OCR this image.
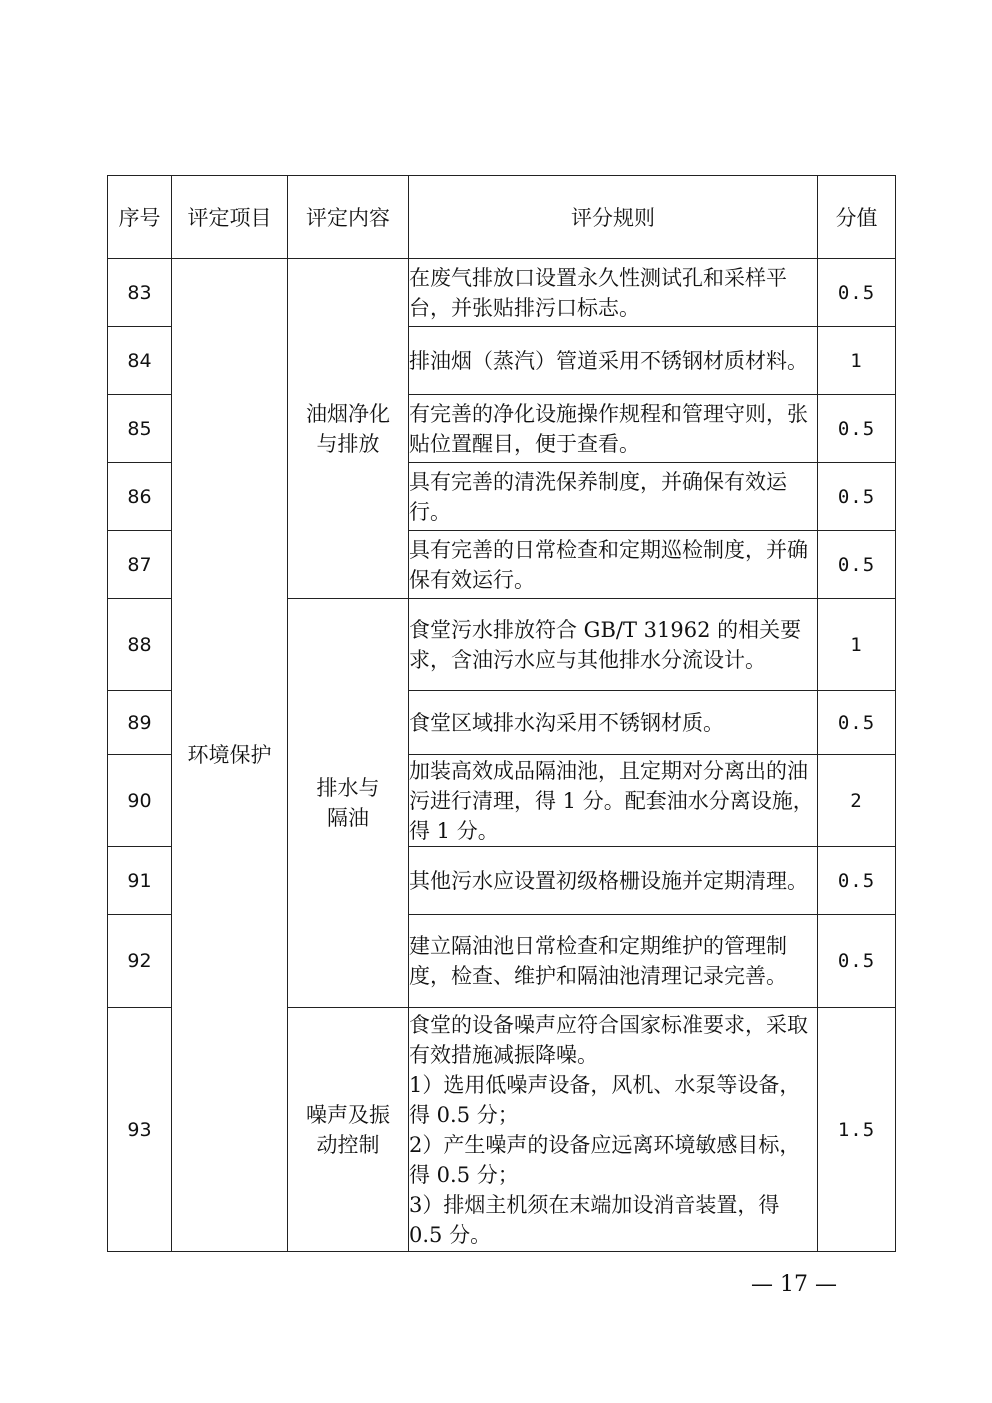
序号	评定项目	评定内容	评分规则	分值
83	环境保护	油烟净化与排放	在废气排放口设置永久性测试孔和采样平台，并张贴排污口标志。	0.5
84			排油烟（蒸汽）管道采用不锈钢材质材料。	1
85			有完善的净化设施操作规程和管理守则，张贴位置醒目，便于查看。	0.5
86			具有完善的清洗保养制度，并确保有效运行。	0.5
87			具有完善的日常检查和定期巡检制度，并确保有效运行。	0.5
88		排水与隔油	食堂污水排放符合 GB/T 31962 的相关要求，含油污水应与其他排水分流设计。	1
89			食堂区域排水沟采用不锈钢材质。	0.5
90			加装高效成品隔油池，且定期对分离出的油污进行清理，得 1 分。配套油水分离设施，得 1 分。	2
91			其他污水应设置初级格栅设施并定期清理。	0.5
92			建立隔油池日常检查和定期维护的管理制度，检查、维护和隔油池清理记录完善。	0.5
93		噪声及振动控制	食堂的设备噪声应符合国家标准要求，采取有效措施减振降噪。
1）选用低噪声设备，风机、水泵等设备，得 0.5 分；
2）产生噪声的设备应远离环境敏感目标，得 0.5 分；
3）排烟主机须在末端加设消音装置，得 0.5 分。	1.5
— 17 —
